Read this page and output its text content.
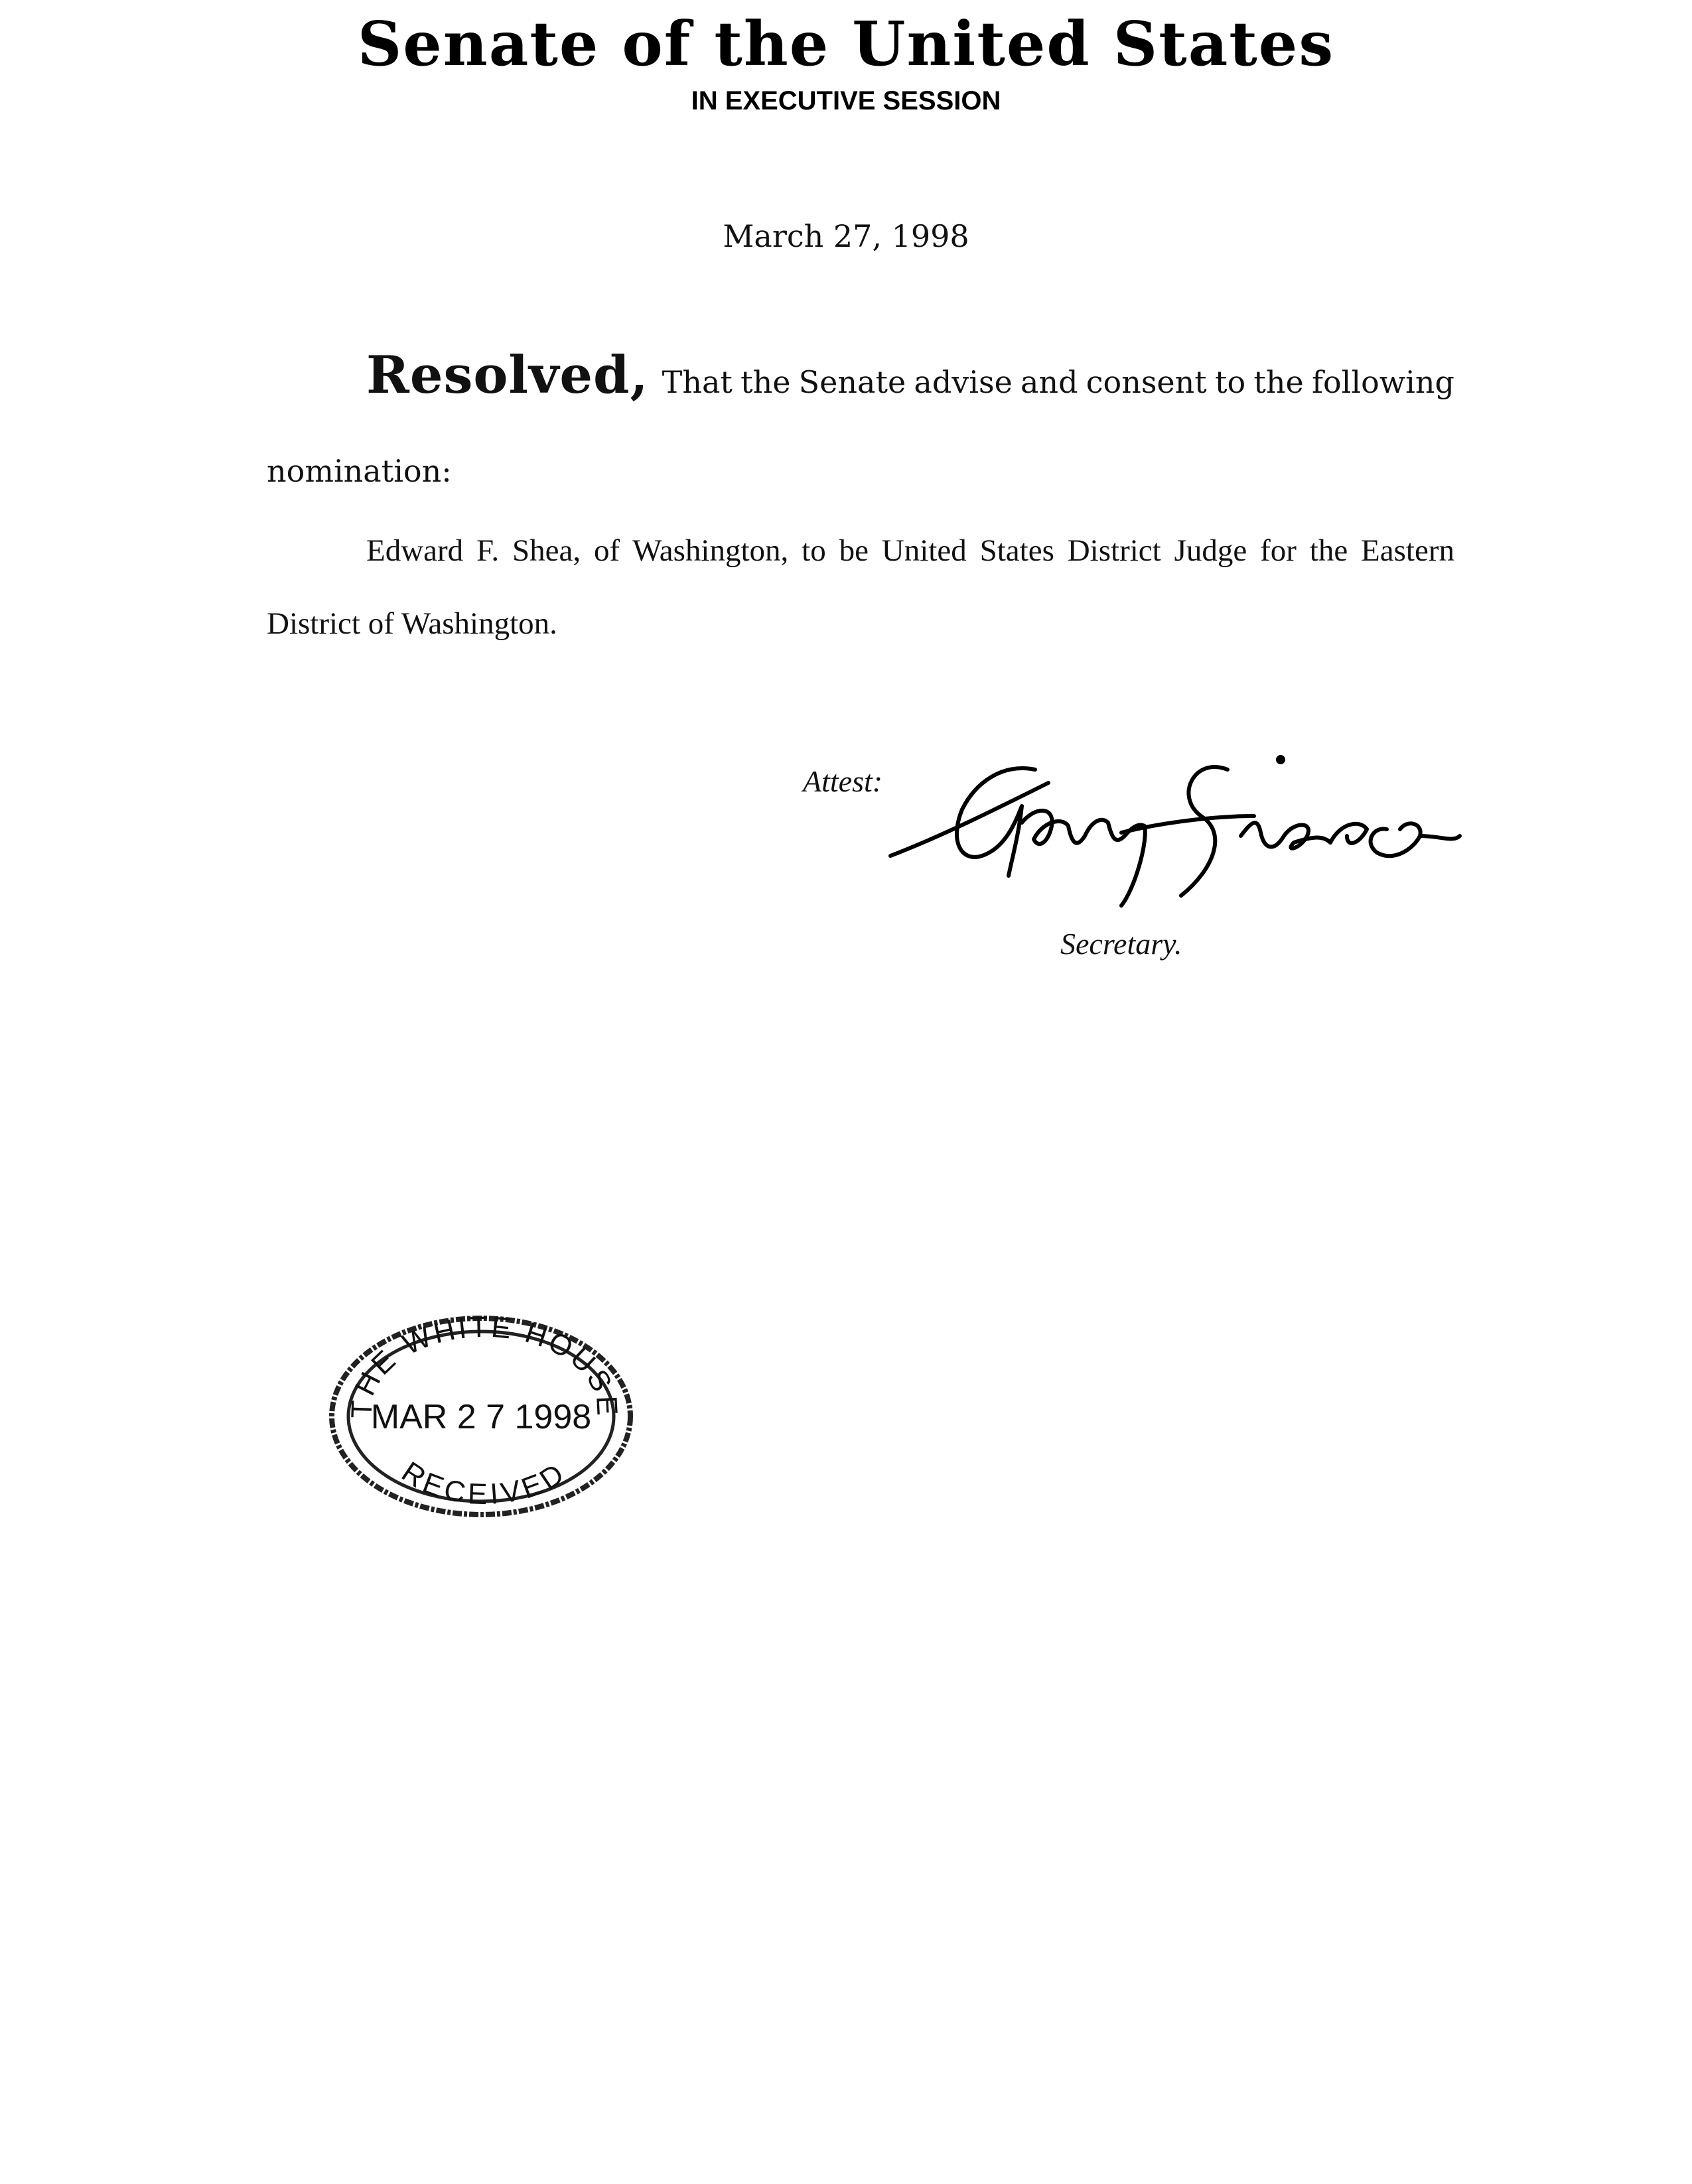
Senate of the United States
IN EXECUTIVE SESSION
March 27, 1998
Resolved, That the Senate advise and consent to the following
nomination:
Edward F. Shea, of Washington, to be United States District Judge for the Eastern
District of Washington.
Attest:
Secretary.
THE WHITE HOUSE
MAR 2 7 1998
RECEIVED
